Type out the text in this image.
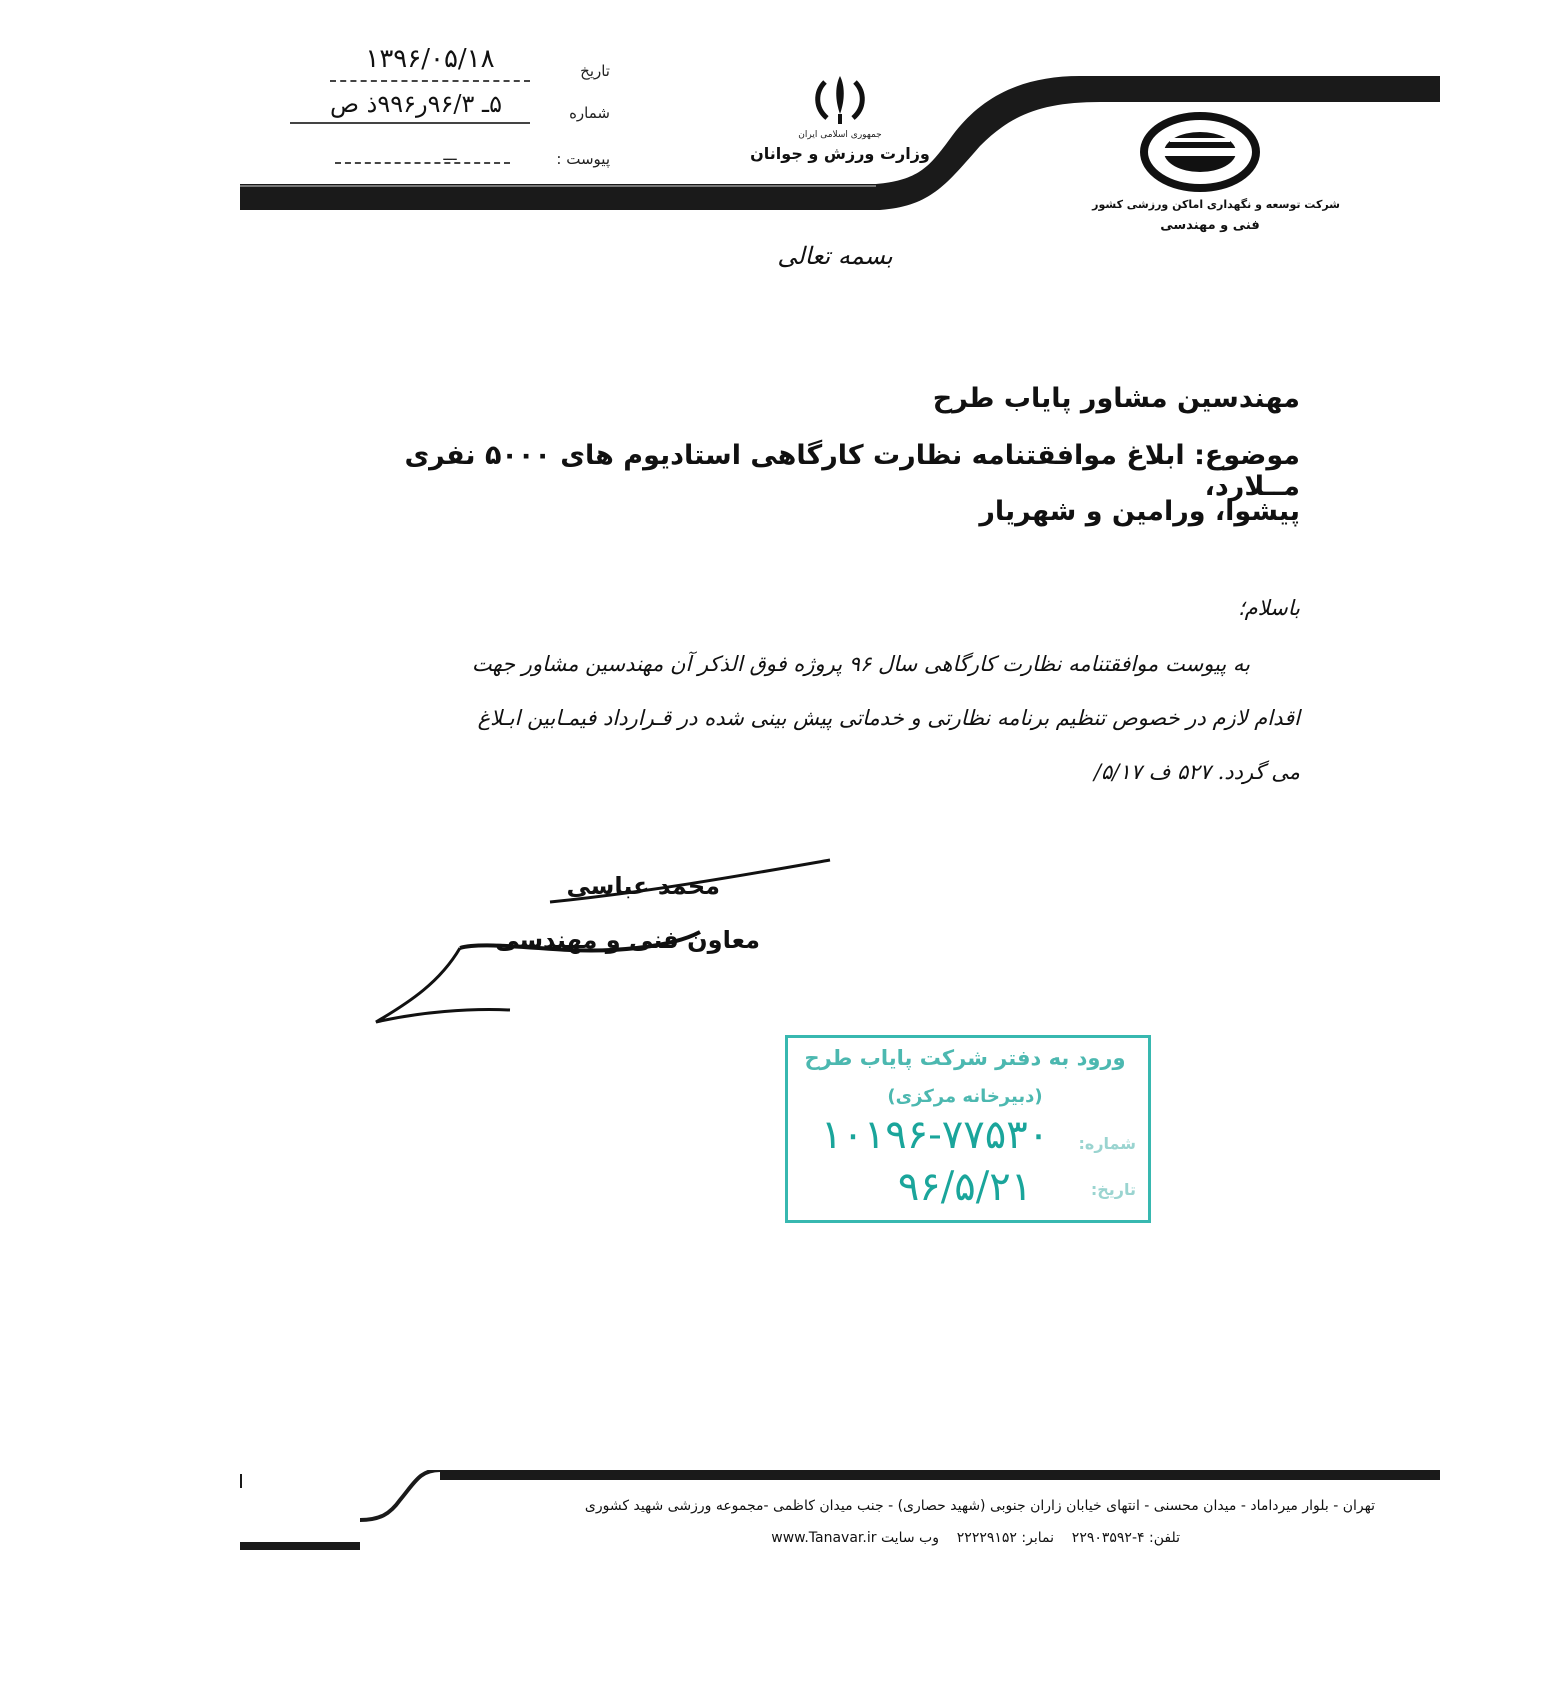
تاریخ
۱۳۹۶/۰۵/۱۸
شماره
۵ـ ۹۶/۳ر۹۹۶ذ ص
پیوست :
ـــ
جمهوری اسلامی ایران
وزارت ورزش و جوانان
شرکت توسعه و نگهداری اماکن ورزشی کشور
فنی و مهندسی
بسمه تعالی
مهندسین مشاور پایاب طرح
موضوع: ابلاغ موافقتنامه نظارت کارگاهی استادیوم های ۵۰۰۰ نفری مــلارد،
پیشوا، ورامین و شهریار
باسلام؛
به پیوست موافقتنامه نظارت کارگاهی سال ۹۶ پروژه فوق الذکر آن مهندسین مشاور جهت
اقدام لازم در خصوص تنظیم برنامه نظارتی و خدماتی پیش بینی شده در قـرارداد فیمـابین ابـلاغ
می گردد. ۵۲۷ ف ۵/۱۷/
محمد عباسی
معاون فنی و مهندسی
ورود به دفتر شرکت پایاب طرح
(دبیرخانه مرکزی)
شماره:
۱۰۱۹۶-۷۷۵۳۰
تاریخ:
۹۶/۵/۲۱
تهران - بلوار میرداماد - میدان محسنی - انتهای خیابان زاران جنوبی (شهید حصاری) - جنب میدان کاظمی -مجموعه ورزشی شهید کشوری
تلفن: ۴-۲۲۹۰۳۵۹۲    نمابر: ۲۲۲۲۹۱۵۲    وب سایت www.Tanavar.ir
